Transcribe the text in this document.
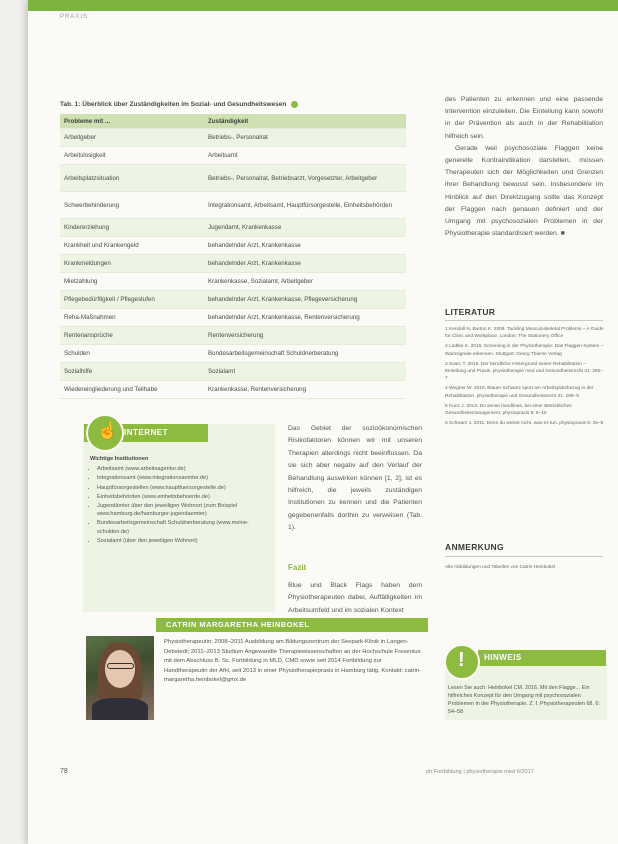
PRAXIS
Tab. 1: Überblick über Zuständigkeiten im Sozial- und Gesundheitswesen
Probleme mit ...	Zuständigkeit
Arbeitgeber	Betriebs-, Personalrat
Arbeitslosigkeit	Arbeitsamt
Arbeitsplatzsituation	Betriebs-, Personalrat, Betriebsarzt, Vorgesetzter, Arbeitgeber
Schwerbehinderung	Integrationsamt, Arbeitsamt, Hauptfürsorgestelle, Einheitsbehörden
Kindererziehung	Jugendamt, Krankenkasse
Krankheit und Krankengeld	behandelnder Arzt, Krankenkasse
Krankmeldungen	behandelnder Arzt, Krankenkasse
Mietzahlung	Krankenkasse, Sozialamt, Arbeitgeber
Pflegebedürftigkeit / Pflegestufen	behandelnder Arzt, Krankenkasse, Pflegeversicherung
Reha-Maßnahmen	behandelnder Arzt, Krankenkasse, Rentenversicherung
Rentenansprüche	Rentenversicherung
Schulden	Bundesarbeitsgemeinschaft Schuldnerberatung
Sozialhilfe	Sozialamt
Wiedereingliederung und Teilhabe	Krankenkasse, Rentenversicherung

des Patienten zu erkennen und eine passende Intervention einzuleiten. Die Einteilung kann sowohl in der Prävention als auch in der Rehabilitation hilfreich sein.

Gerade weil psychosoziale Flaggen keine generelle Kontraindikation darstellen, müssen Therapeuten sich der Möglichkeiten und Grenzen ihrer Behandlung bewusst sein. Insbesondere im Hinblick auf den Direktzugang sollte das Konzept der Flaggen nach genauen definiert und der Umgang mit psychosozialen Problemen in der Physiotherapie standardisiert werden. ■

LITERATUR
1 Kendall N, Burton K. 2009. Tackling Musculoskeletal Problems – A Guide for Clinic and Workplace. London: The Stationery Office
2 Lüdtke K. 2016. Screening in der Physiotherapie: Das Flaggen-System – Warnsignale erkennen. Stuttgart: Georg Thieme Verlag
3 Svarc T. 2015. Der berufliche Hintergrund seiner Rehabilitation – Einteilung und Praxis. physiotherapie med und Gesundheitsrecht 31: 265–7
4 Wegner W. 2015. Blauer Schwarz spürt am Arbeitsplatzbezug in der Rehabilitation. physiotherapie und Gesundheitsrecht 31: 268–9
5 Kunz J. 2013. Do sense handlines, bei einer Betriebliches Gesundheitsmanagement. physiopraxis 6: 8–10
6 Schwarz J. 2011. Denn du weisst nicht, was es tun. physiopraxis 6: 35–8
ANMERKUNG
Alle Abbildungen und Tabellen von Catrin Heinbokel
☝ INTERNET
Wichtige Institutionen
• Arbeitsamt (www.arbeitsagentur.de)
• Integrationsamt (www.integrationsaemter.de)
• Hauptfürsorgestellen (www.hauptfuersorgestelle.de)
• Einheitsbehörden (www.einheitsbehoerde.de)
• Jugendämter über den jeweiligen Wohnort (zum Beispiel www.hamburg.de/hamburger-jugendaemter)
• Bundesarbeitsgemeinschaft Schuldnerberatung (www.meine-schulden.de)
• Sozialamt (über den jeweiligen Wohnort)

Das Gebiet der sozioökonomischen Risikofaktoren können wir mit unseren Therapien allerdings nicht beeinflussen. Da sie sich aber negativ auf den Verlauf der Behandlung auswirken können [1, 2], ist es hilfreich, die jeweils zuständigen Institutionen zu kennen und die Patienten gegebenenfalls dorthin zu verweisen (Tab. 1).

Fazit

Blue und Black Flags haben dem Physiotherapeuten dabei, Auffälligkeiten im Arbeitsumfeld und im sozialen Kontext

CATRIN MARGARETHA HEINBOKEL
Physiotherapeutin: 2008–2011 Ausbildung am Bildungszentrum der Seepark-Klinik in Langen-Debstedt; 2011–2013 Studium Angewandte Therapiewissenschaften an der Hochschule Fresenius mit dem Abschluss B. Sc. Fortbildung in MLD, CMD sowie seit 2014 Fortbildung zur Handtherapeutin der AfH, seit 2013 in einer Physiotherapiepraxis in Hamburg tätig. Kontakt: catrin-margaretha.heinbokel@gmx.de
! HINWEIS
Lesen Sie auch: Heinbokel CM. 2016. Mit den Flagge... Ein hilfreiches Konzept für den Umgang mit psychosozialen Problemen in der Physiotherapie. Z. f. Physiotherapeuten 68, 6: 54–58
78	ph Fortbildung | physiotherapie med 6/2017
